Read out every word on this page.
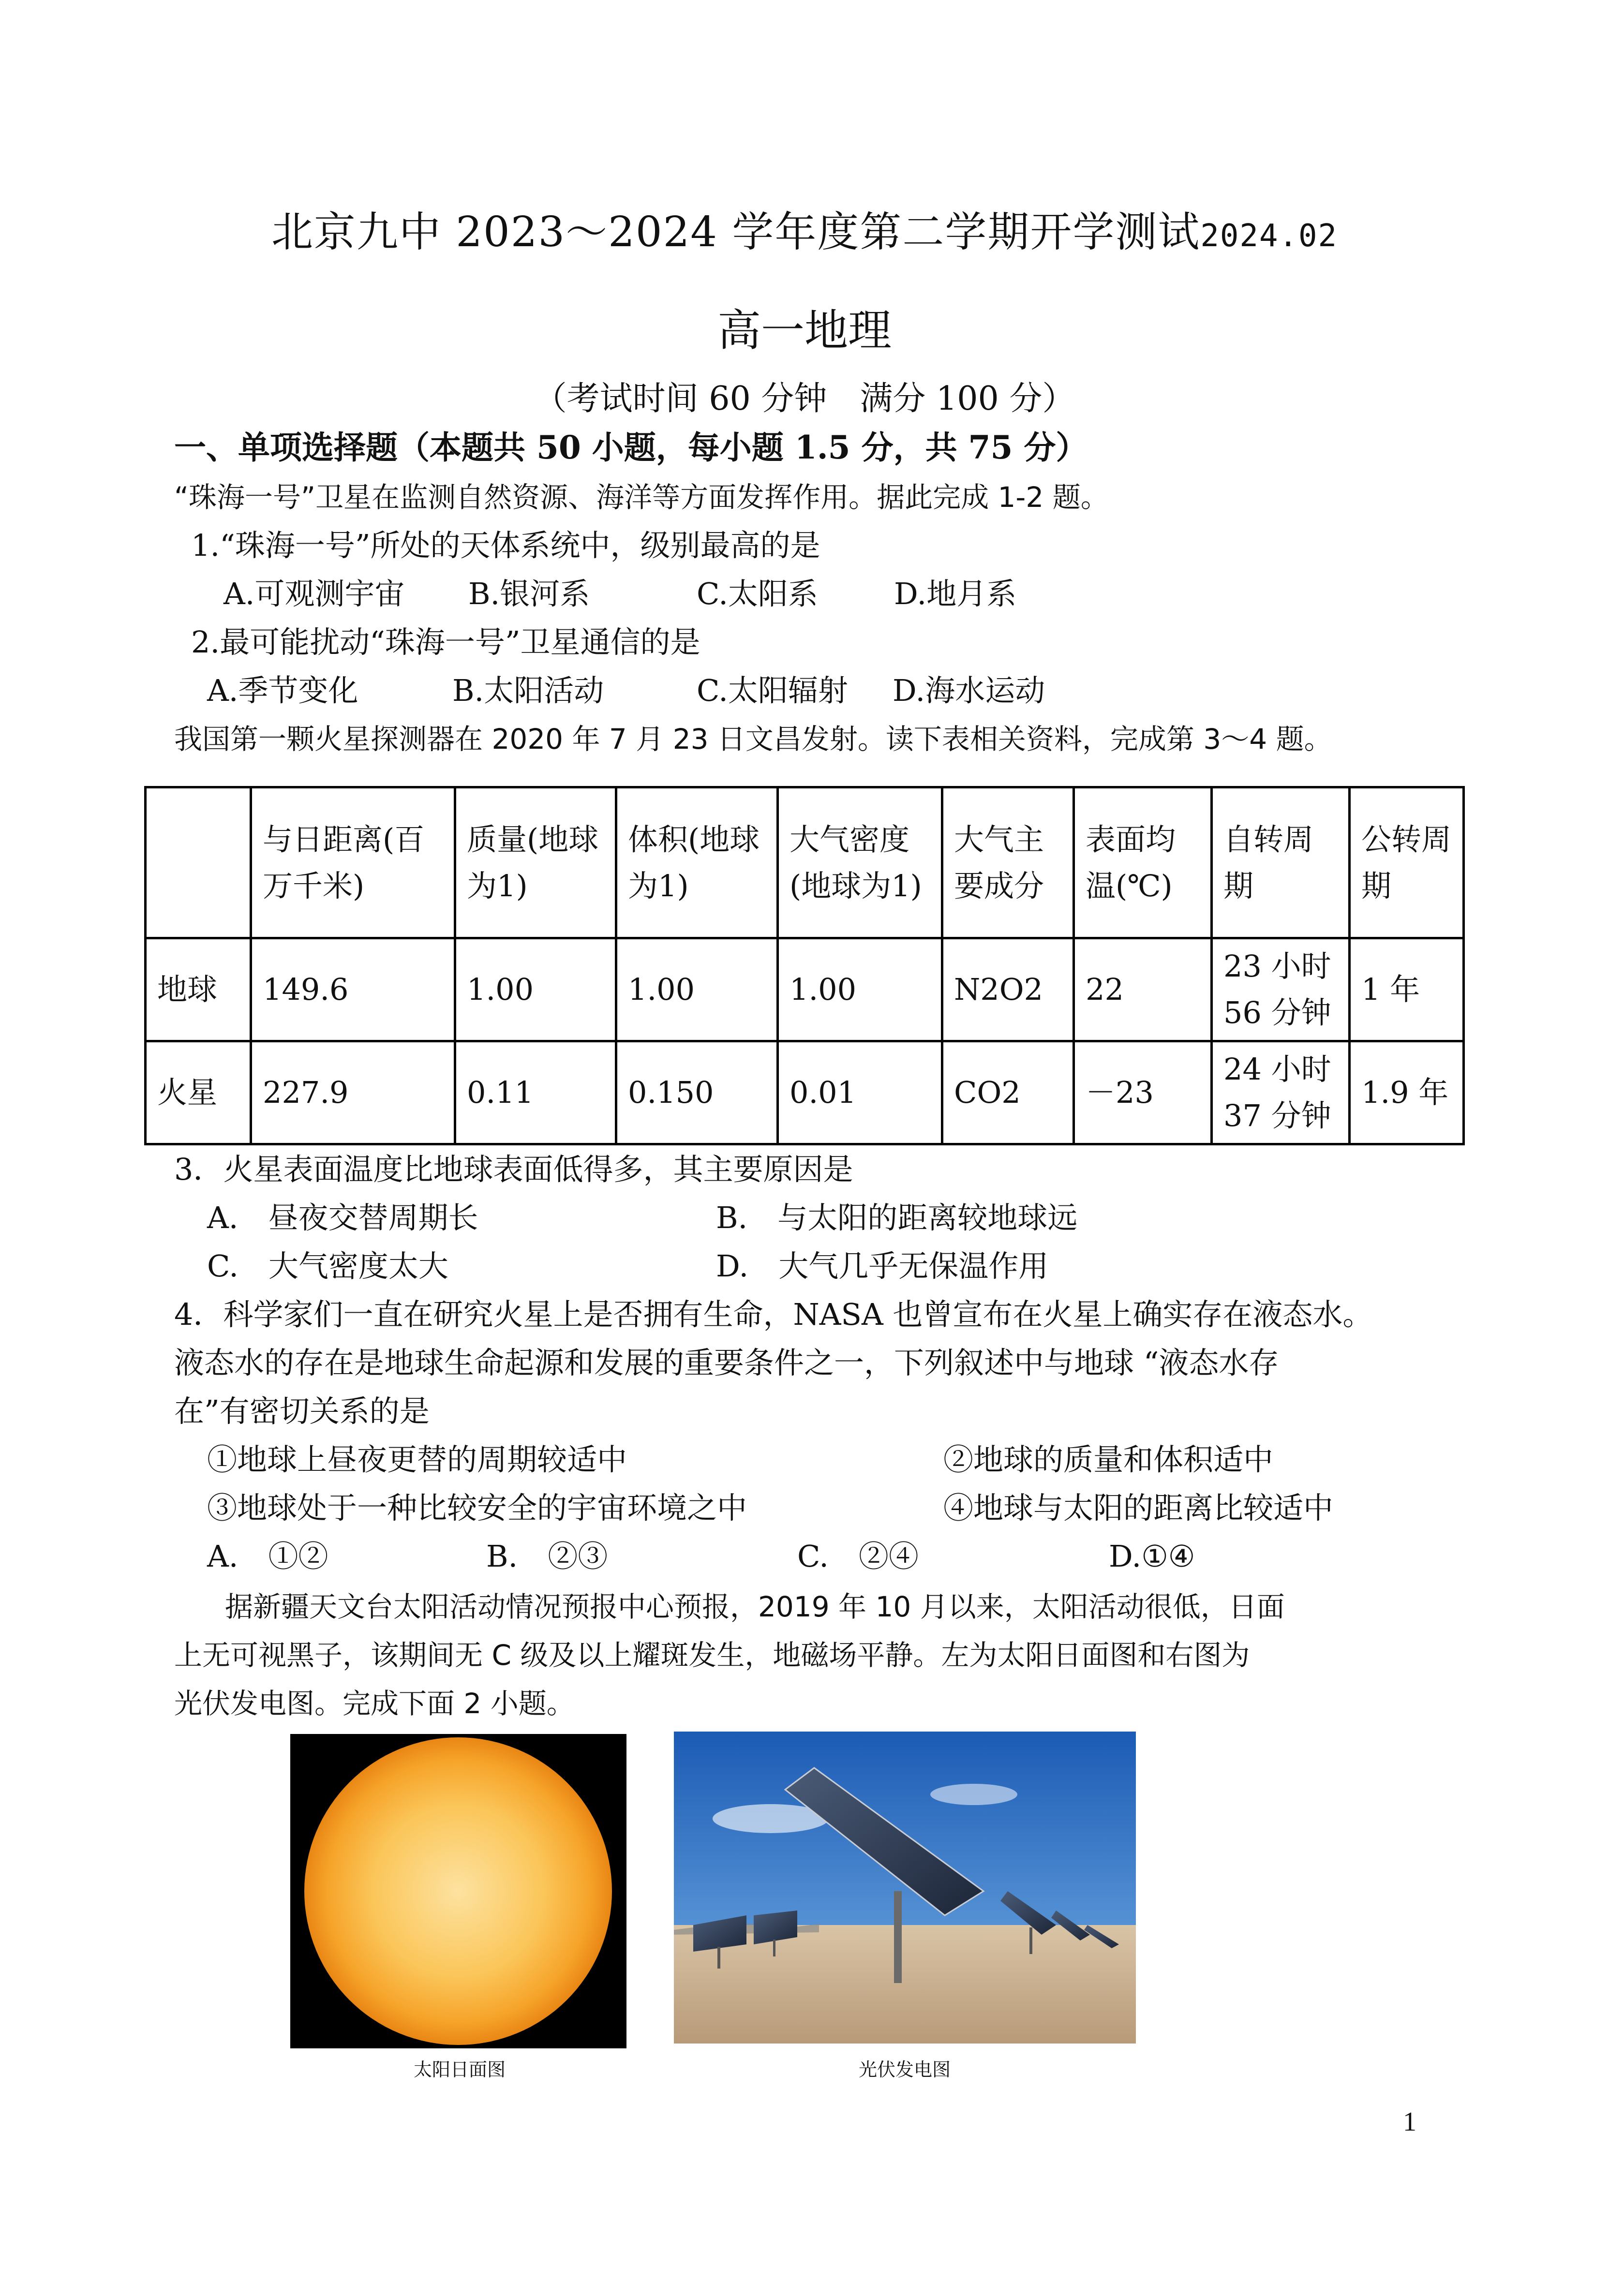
北京九中 2023～2024 学年度第二学期开学测试2024.02
高一地理
（考试时间 60 分钟　满分 100 分）
一、单项选择题（本题共 50 小题，每小题 1.5 分，共 75 分）
“珠海一号”卫星在监测自然资源、海洋等方面发挥作用。据此完成 1-2 题。
1.“珠海一号”所处的天体系统中，级别最高的是
A.可观测宇宙 B.银河系	C.太阳系	D.地月系
2.最可能扰动“珠海一号”卫星通信的是
A.季节变化	B.太阳活动	C.太阳辐射 D.海水运动
我国第一颗火星探测器在 2020 年 7 月 23 日文昌发射。读下表相关资料，完成第 3～4 题。
	与日距离(百万千米)	质量(地球为1)	体积(地球为1)	大气密度(地球为1)	大气主要成分	表面均温(℃)	自转周期	公转周期
地球	149.6	1.00	1.00	1.00	N2O2	22	23 小时 56 分钟	1 年
火星	227.9	0.11	0.150	0.01	CO2	－23	24 小时 37 分钟	1.9 年
3．火星表面温度比地球表面低得多，其主要原因是
A.　昼夜交替周期长	B.　与太阳的距离较地球远
C.　大气密度太大	D.　大气几乎无保温作用
4．科学家们一直在研究火星上是否拥有生命，NASA 也曾宣布在火星上确实存在液态水。
液态水的存在是地球生命起源和发展的重要条件之一，下列叙述中与地球 “液态水存
在”有密切关系的是
①地球上昼夜更替的周期较适中	②地球的质量和体积适中
③地球处于一种比较安全的宇宙环境之中	④地球与太阳的距离比较适中
A.　①②	B.　②③	C.　②④	D.①④
据新疆天文台太阳活动情况预报中心预报，2019 年 10 月以来，太阳活动很低，日面
上无可视黑子，该期间无 C 级及以上耀斑发生，地磁场平静。左为太阳日面图和右图为
光伏发电图。完成下面 2 小题。
太阳日面图	光伏发电图
1
